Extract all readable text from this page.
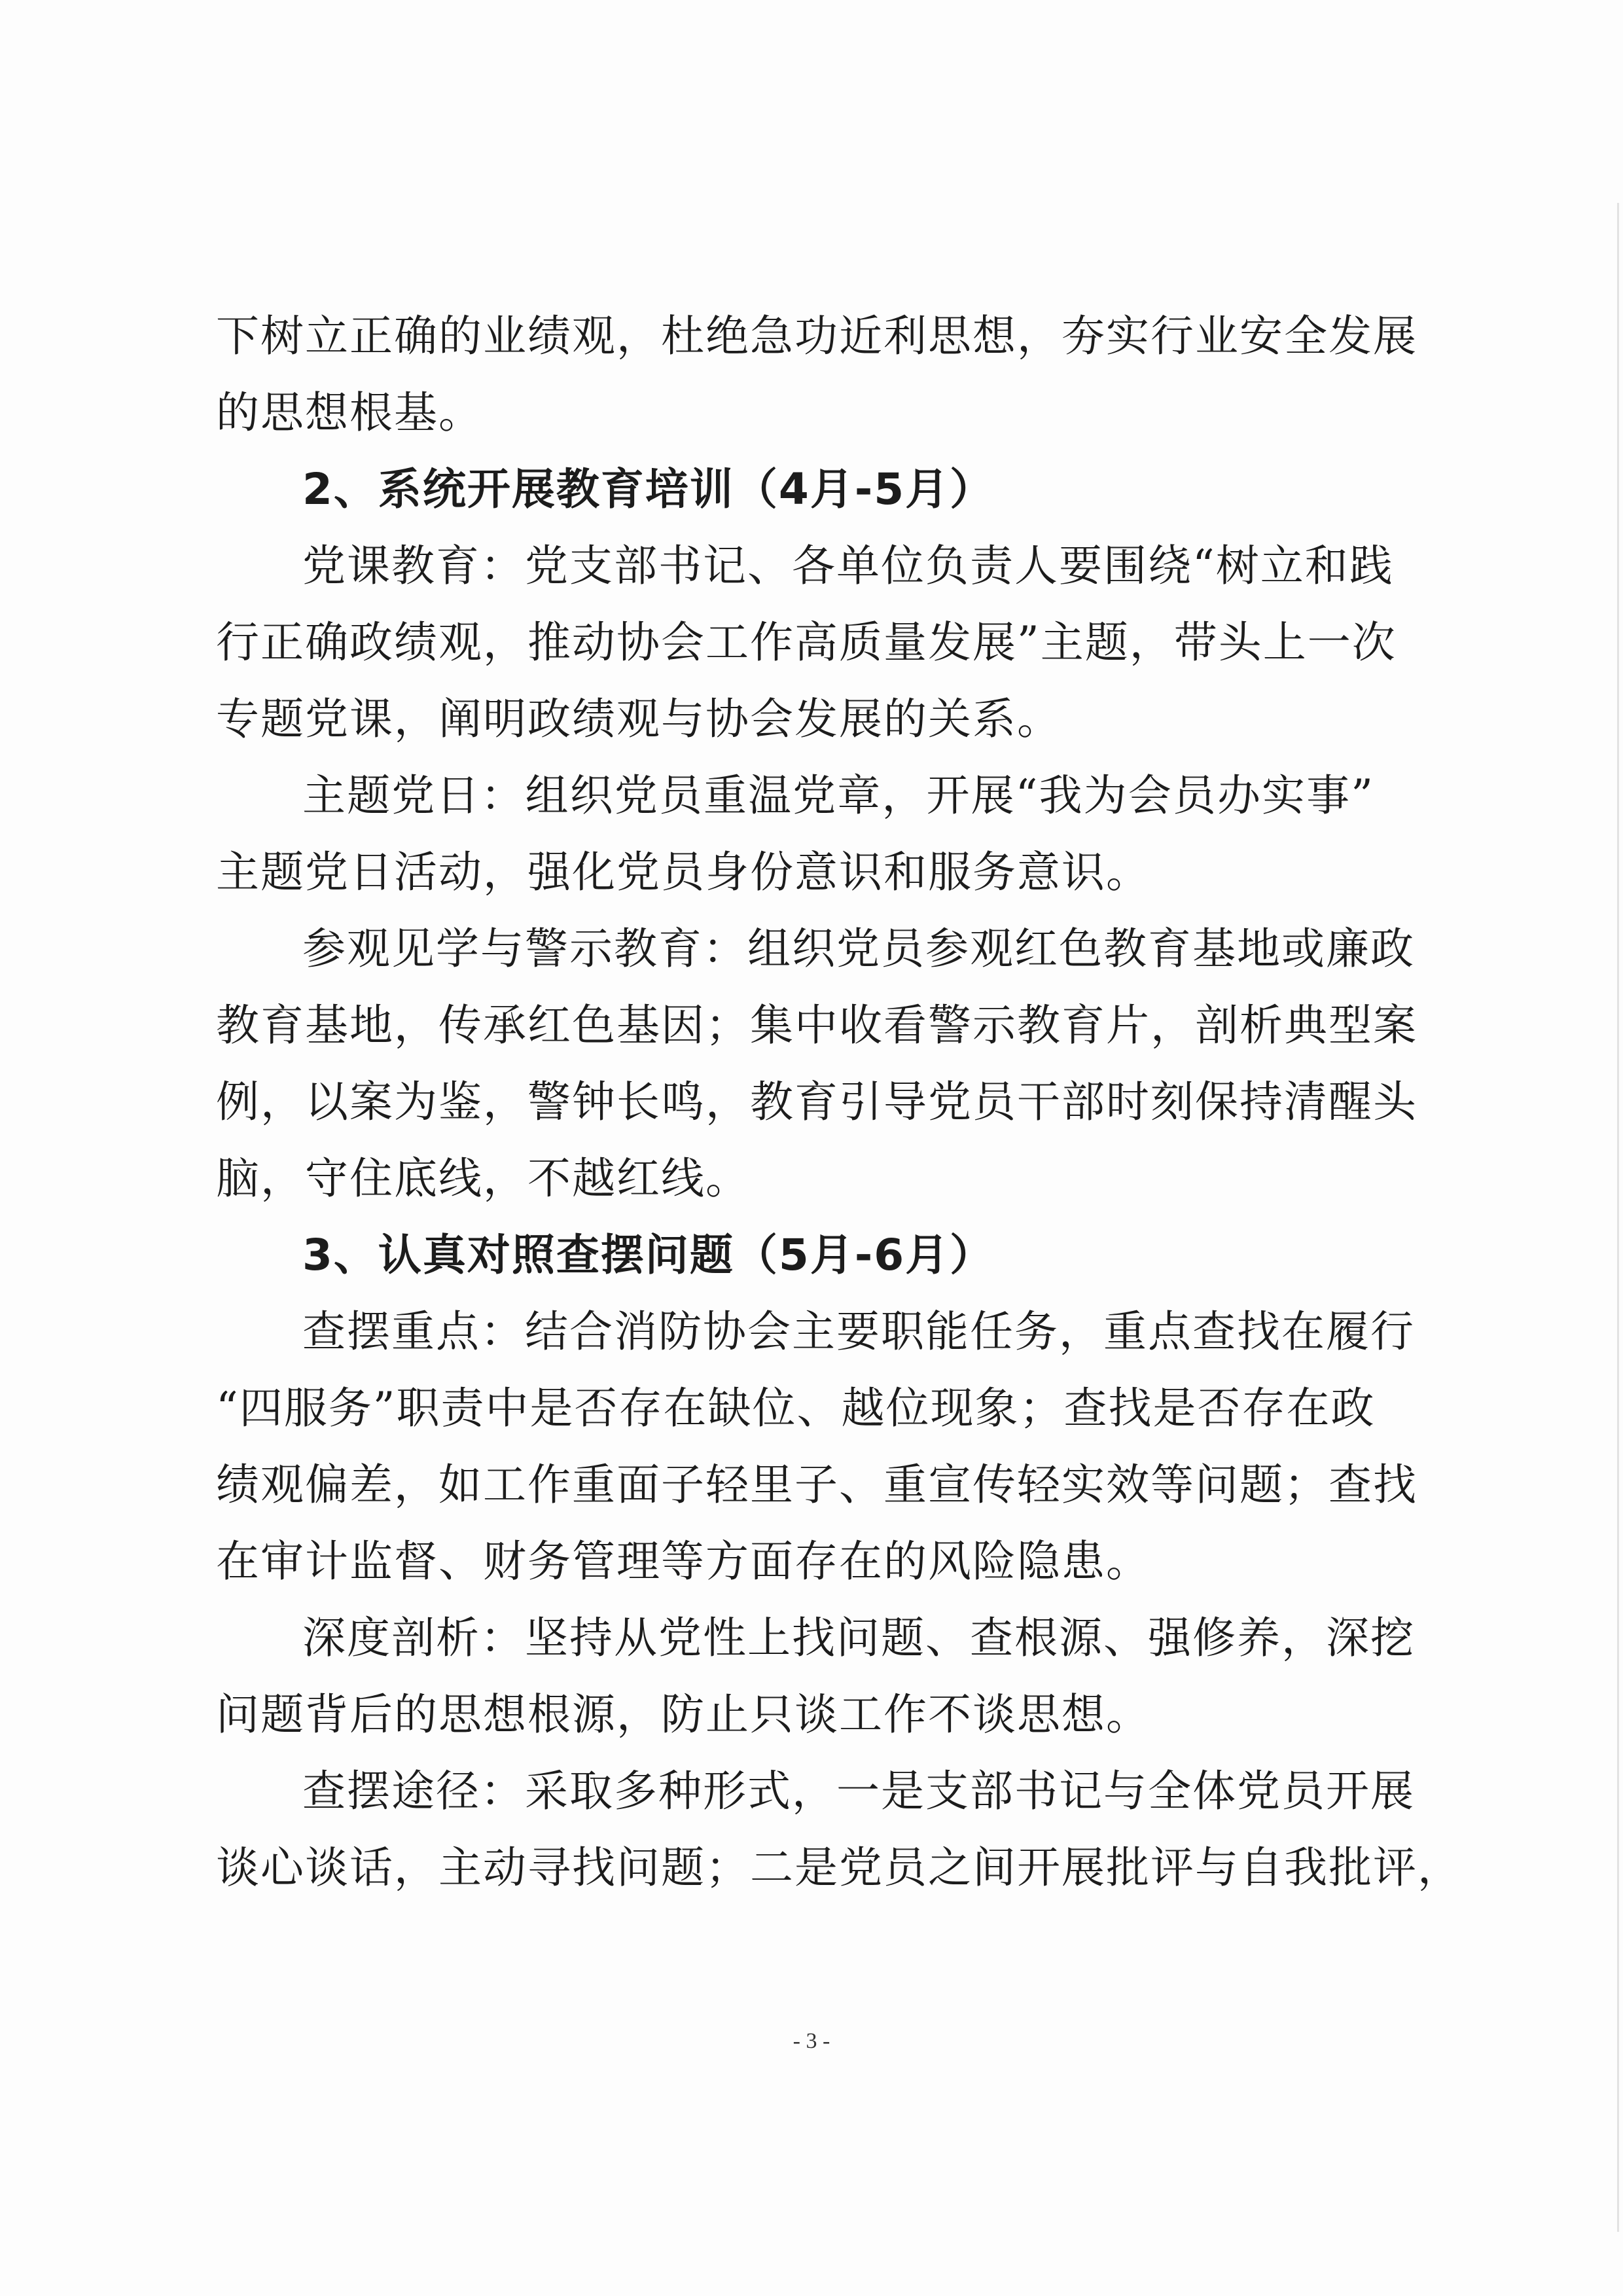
下树立正确的业绩观，杜绝急功近利思想，夯实行业安全发展
的思想根基。
2、系统开展教育培训（4月-5月）
党课教育：党支部书记、各单位负责人要围绕“树立和践
行正确政绩观，推动协会工作高质量发展”主题，带头上一次
专题党课，阐明政绩观与协会发展的关系。
主题党日：组织党员重温党章，开展“我为会员办实事”
主题党日活动，强化党员身份意识和服务意识。
参观见学与警示教育：组织党员参观红色教育基地或廉政
教育基地，传承红色基因；集中收看警示教育片，剖析典型案
例，以案为鉴，警钟长鸣，教育引导党员干部时刻保持清醒头
脑，守住底线，不越红线。
3、认真对照查摆问题（5月-6月）
查摆重点：结合消防协会主要职能任务，重点查找在履行
“四服务”职责中是否存在缺位、越位现象；查找是否存在政
绩观偏差，如工作重面子轻里子、重宣传轻实效等问题；查找
在审计监督、财务管理等方面存在的风险隐患。
深度剖析：坚持从党性上找问题、查根源、强修养，深挖
问题背后的思想根源，防止只谈工作不谈思想。
查摆途径：采取多种形式，一是支部书记与全体党员开展
谈心谈话，主动寻找问题；二是党员之间开展批评与自我批评，
- 3 -
